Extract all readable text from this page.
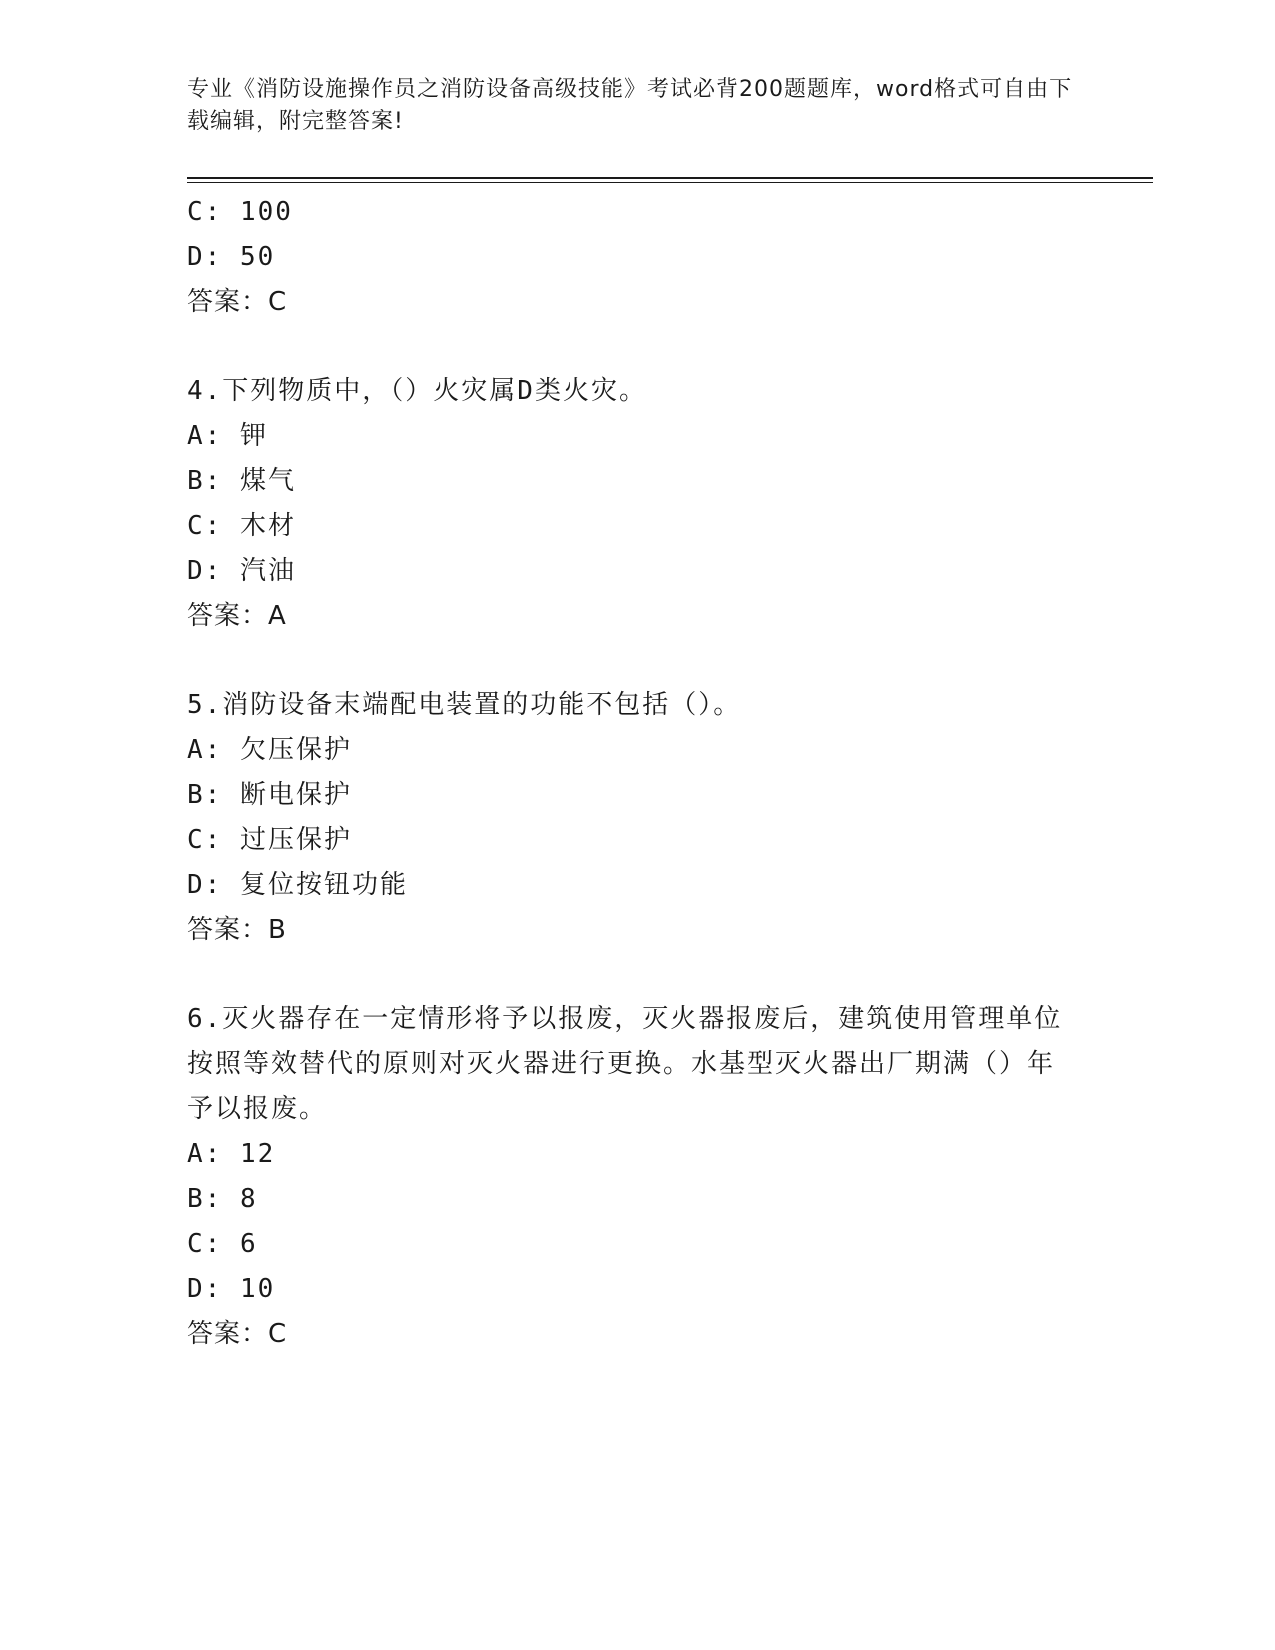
专业《消防设施操作员之消防设备高级技能》考试必背200题题库，word格式可自由下载编辑，附完整答案!
C: 100
D: 50
答案：C
4.下列物质中，（）火灾属D类火灾。
A: 钾
B: 煤气
C: 木材
D: 汽油
答案：A
5.消防设备末端配电装置的功能不包括（）。
A: 欠压保护
B: 断电保护
C: 过压保护
D: 复位按钮功能
答案：B
6.灭火器存在一定情形将予以报废，灭火器报废后，建筑使用管理单位按照等效替代的原则对灭火器进行更换。水基型灭火器出厂期满（）年予以报废。
A: 12
B: 8
C: 6
D: 10
答案：C
